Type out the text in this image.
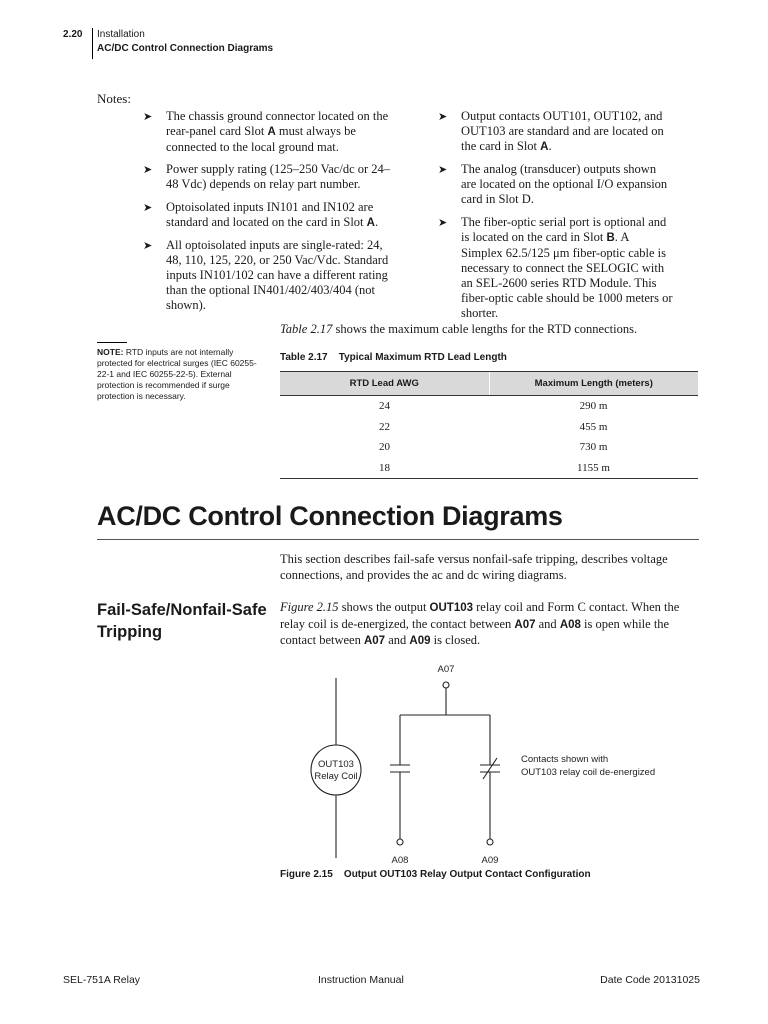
2.20 Installation
AC/DC Control Connection Diagrams
Notes:
➤ The chassis ground connector located on the rear-panel card Slot A must always be connected to the local ground mat.
➤ Power supply rating (125–250 Vac/dc or 24–48 Vdc) depends on relay part number.
➤ Optoisolated inputs IN101 and IN102 are standard and located on the card in Slot A.
➤ All optoisolated inputs are single-rated: 24, 48, 110, 125, 220, or 250 Vac/Vdc. Standard inputs IN101/102 can have a different rating than the optional IN401/402/403/404 (not shown).
➤ Output contacts OUT101, OUT102, and OUT103 are standard and are located on the card in Slot A.
➤ The analog (transducer) outputs shown are located on the optional I/O expansion card in Slot D.
➤ The fiber-optic serial port is optional and is located on the card in Slot B. A Simplex 62.5/125 μm fiber-optic cable is necessary to connect the SELOGIC with an SEL-2600 series RTD Module. This fiber-optic cable should be 1000 meters or shorter.
Table 2.17 shows the maximum cable lengths for the RTD connections.
NOTE: RTD inputs are not internally protected for electrical surges (IEC 60255-22-1 and IEC 60255-22-5). External protection is recommended if surge protection is necessary.
Table 2.17    Typical Maximum RTD Lead Length
RTD Lead AWG	Maximum Length (meters)
24	290 m
22	455 m
20	730 m
18	1155 m
AC/DC Control Connection Diagrams
This section describes fail-safe versus nonfail-safe tripping, describes voltage connections, and provides the ac and dc wiring diagrams.
Fail-Safe/Nonfail-Safe Tripping
Figure 2.15 shows the output OUT103 relay coil and Form C contact. When the relay coil is de-energized, the contact between A07 and A08 is open while the contact between A07 and A09 is closed.
A07
A08	A09
OUT103
Relay Coil
Contacts shown with
OUT103 relay coil de-energized
Figure 2.15    Output OUT103 Relay Output Contact Configuration
SEL-751A Relay	Instruction Manual	Date Code 20131025
